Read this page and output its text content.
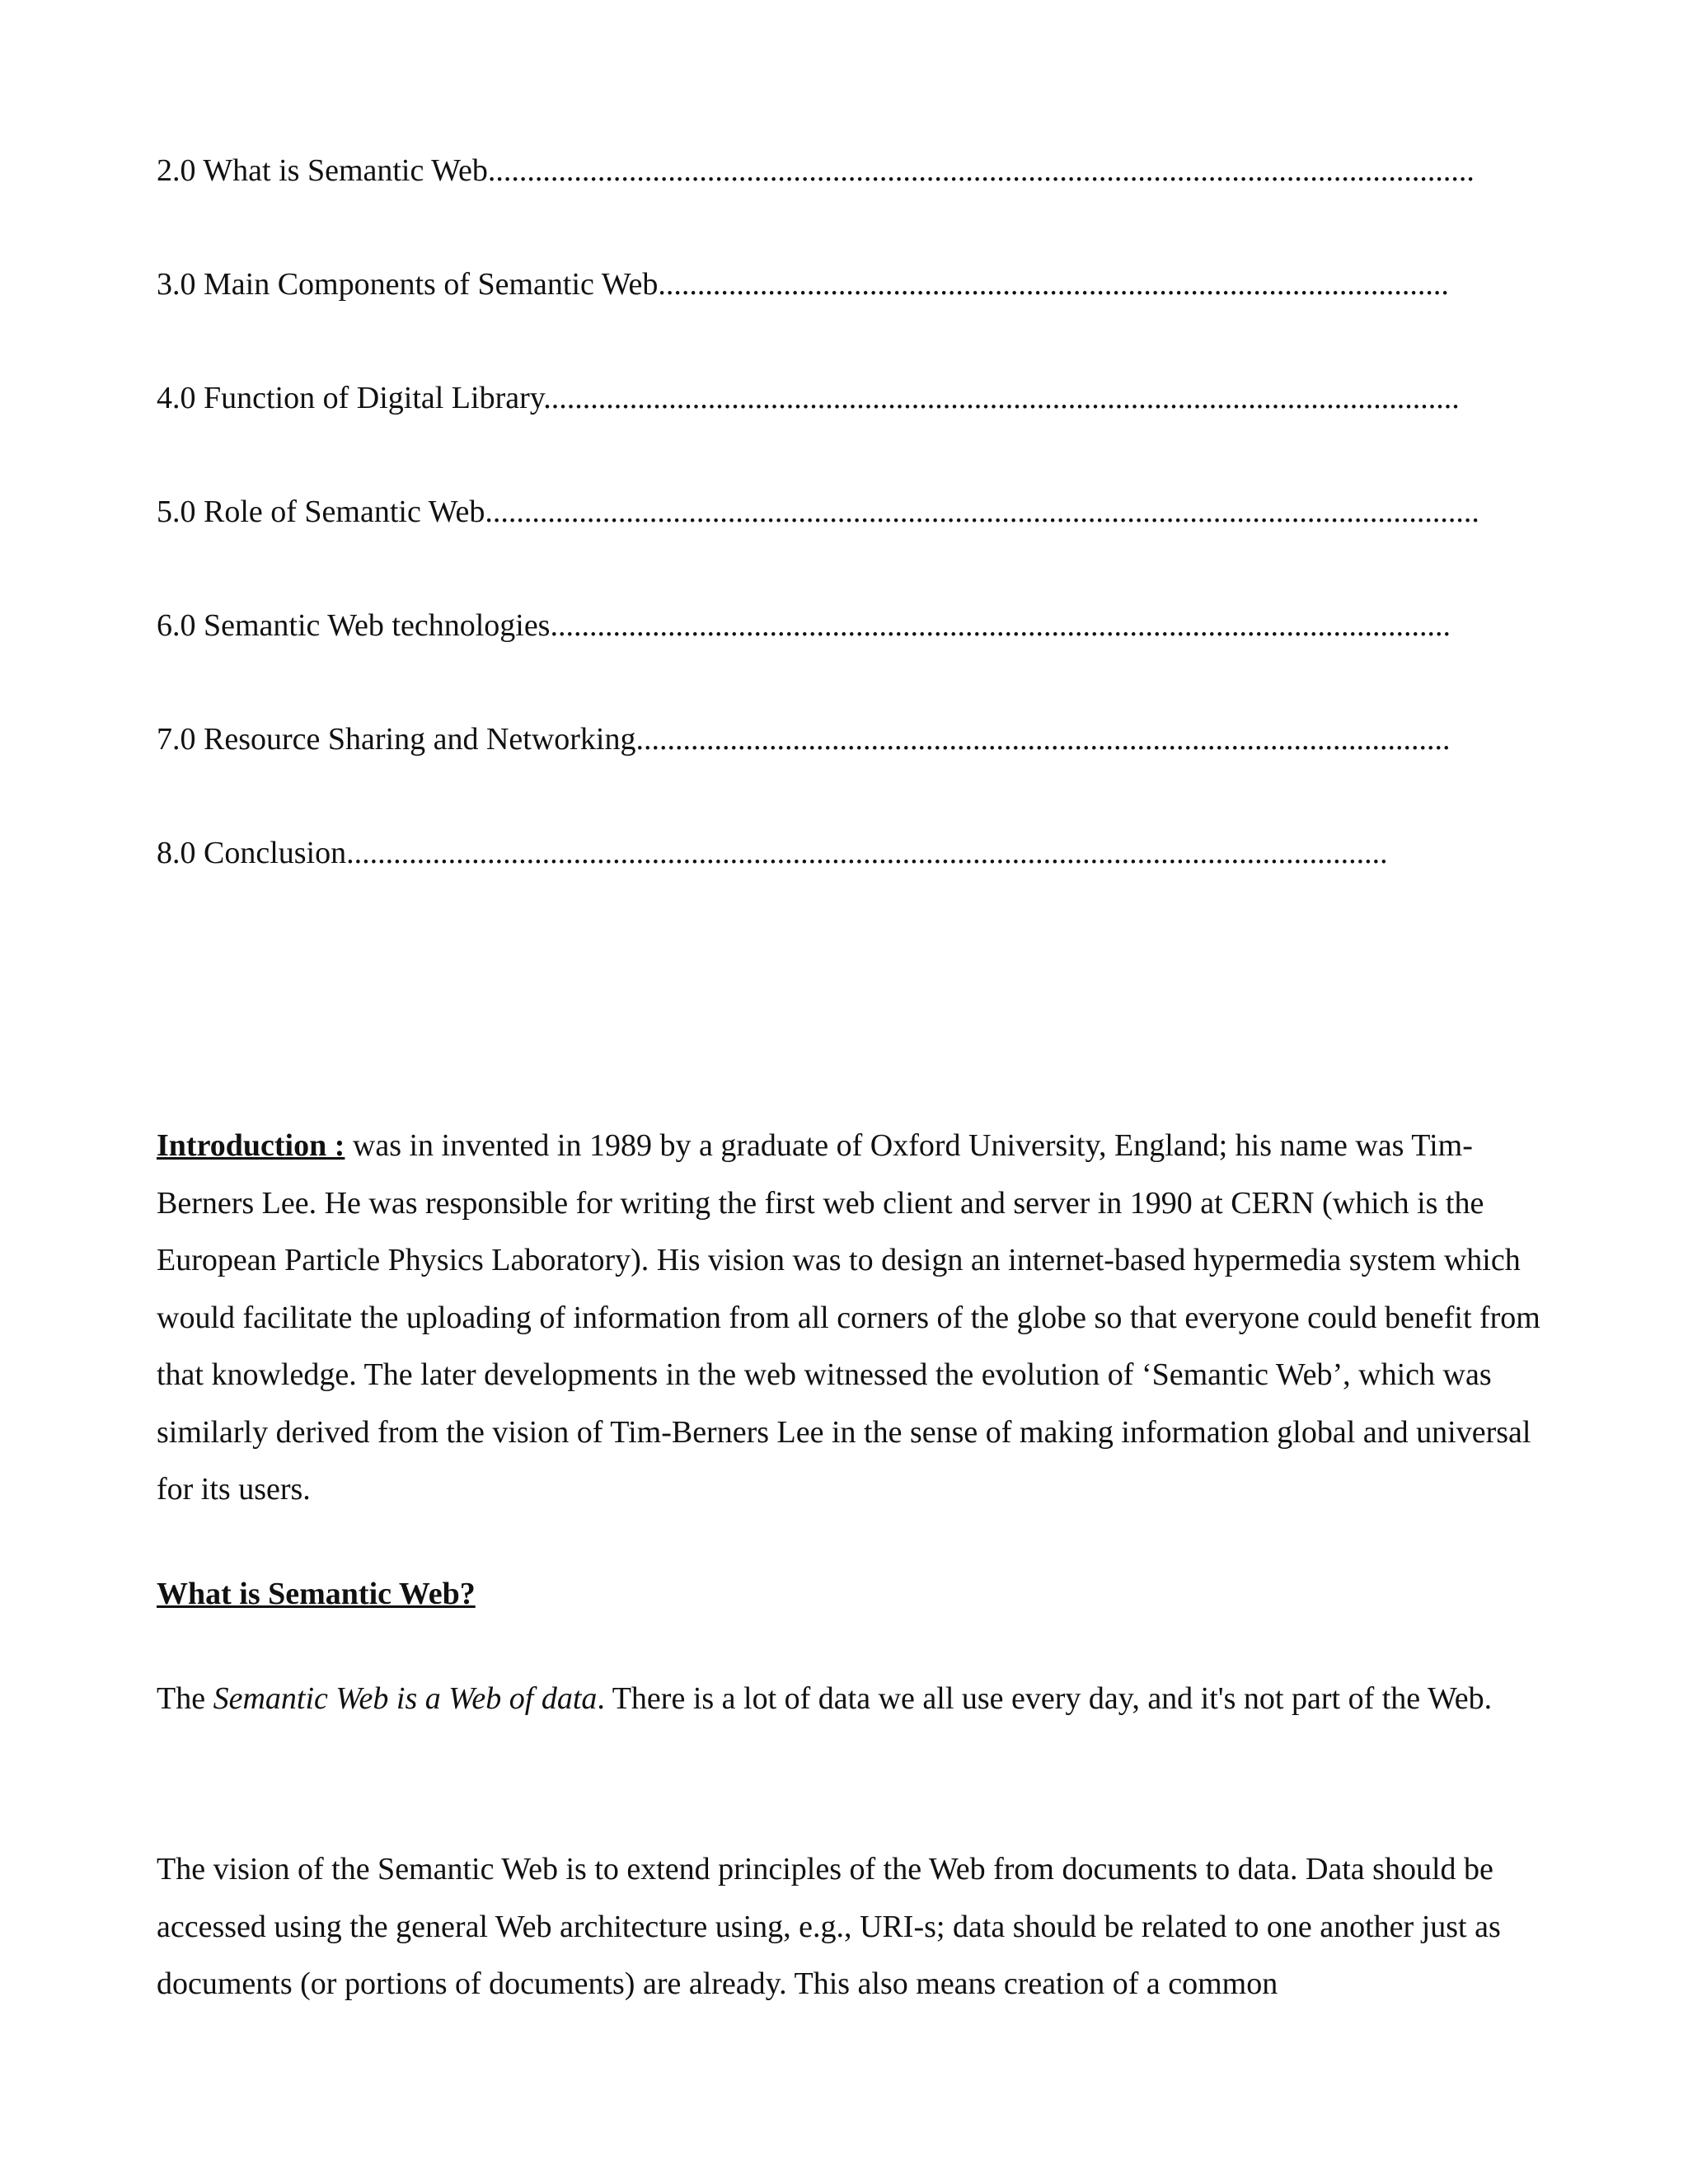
2.0 What is Semantic Web..............................................................................................................................
3.0 Main Components of Semantic Web.....................................................................................................
4.0 Function of Digital Library.....................................................................................................................
5.0 Role of Semantic Web...............................................................................................................................
6.0 Semantic Web technologies...................................................................................................................
7.0 Resource Sharing and Networking........................................................................................................
8.0 Conclusion.....................................................................................................................................

Introduction : was in invented in 1989 by a graduate of Oxford University, England; his name was Tim-Berners Lee. He was responsible for writing the first web client and server in 1990 at CERN (which is the European Particle Physics Laboratory). His vision was to design an internet-based hypermedia system which would facilitate the uploading of information from all corners of the globe so that everyone could benefit from that knowledge. The later developments in the web witnessed the evolution of ‘Semantic Web’, which was similarly derived from the vision of Tim-Berners Lee in the sense of making information global and universal for its users.

What is Semantic Web?

The Semantic Web is a Web of data. There is a lot of data we all use every day, and it's not part of the Web.

The vision of the Semantic Web is to extend principles of the Web from documents to data. Data should be accessed using the general Web architecture using, e.g., URI-s; data should be related to one another just as documents (or portions of documents) are already. This also means creation of a common
